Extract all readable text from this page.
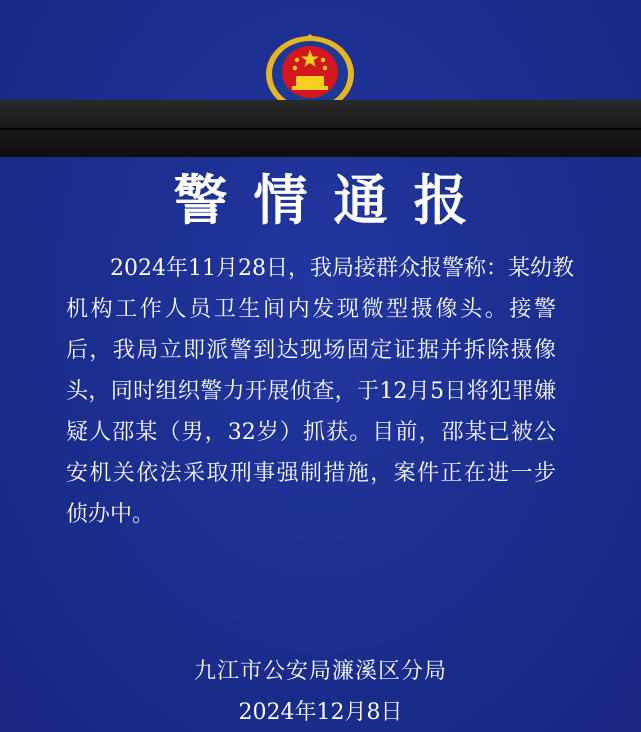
警情通报
2024年11月28日，我局接群众报警称：某幼教
机构工作人员卫生间内发现微型摄像头。接警
后，我局立即派警到达现场固定证据并拆除摄像
头，同时组织警力开展侦查，于12月5日将犯罪嫌
疑人邵某（男，32岁）抓获。目前，邵某已被公
安机关依法采取刑事强制措施，案件正在进一步
侦办中。
九江市公安局濂溪区分局
2024年12月8日
